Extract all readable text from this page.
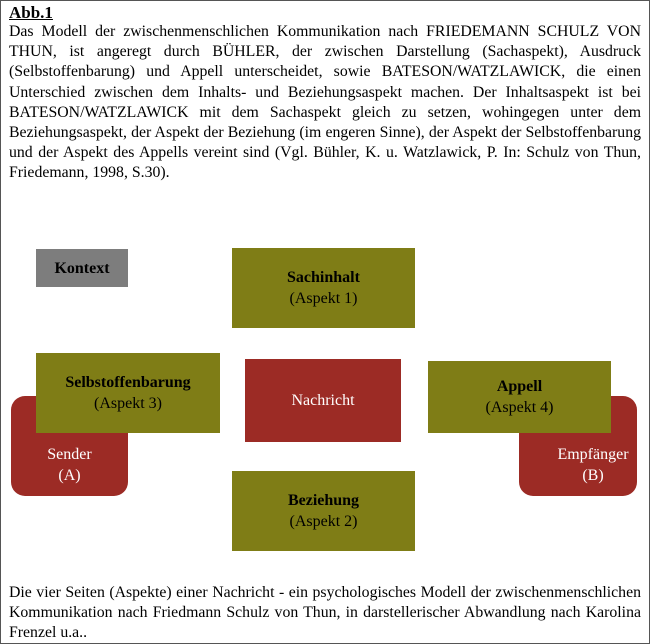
Abb.1
Das Modell der zwischenmenschlichen Kommunikation nach FRIEDEMANN SCHULZ VON THUN, ist angeregt durch BÜHLER, der zwischen Darstellung (Sachaspekt), Ausdruck (Selbstoffenbarung) und Appell unterscheidet, sowie BATESON/WATZLAWICK, die einen Unterschied zwischen dem Inhalts- und Beziehungsaspekt machen. Der Inhaltsaspekt ist bei BATESON/WATZLAWICK mit dem Sachaspekt gleich zu setzen, wohingegen unter dem Beziehungsaspekt, der Aspekt der Beziehung (im engeren Sinne), der Aspekt der Selbstoffenbarung und der Aspekt des Appells vereint sind (Vgl. Bühler, K. u. Watzlawick, P. In: Schulz von Thun, Friedemann, 1998, S.30).
Kontext
Sachinhalt
(Aspekt 1)
Sender
(A)
Empfänger
(B)
Selbstoffenbarung
(Aspekt 3)
Appell
(Aspekt 4)
Nachricht
Beziehung
(Aspekt 2)
Die vier Seiten (Aspekte) einer Nachricht - ein psychologisches Modell der zwischenmenschlichen Kommunikation nach Friedmann Schulz von Thun, in darstellerischer Abwandlung nach Karolina Frenzel u.a..
